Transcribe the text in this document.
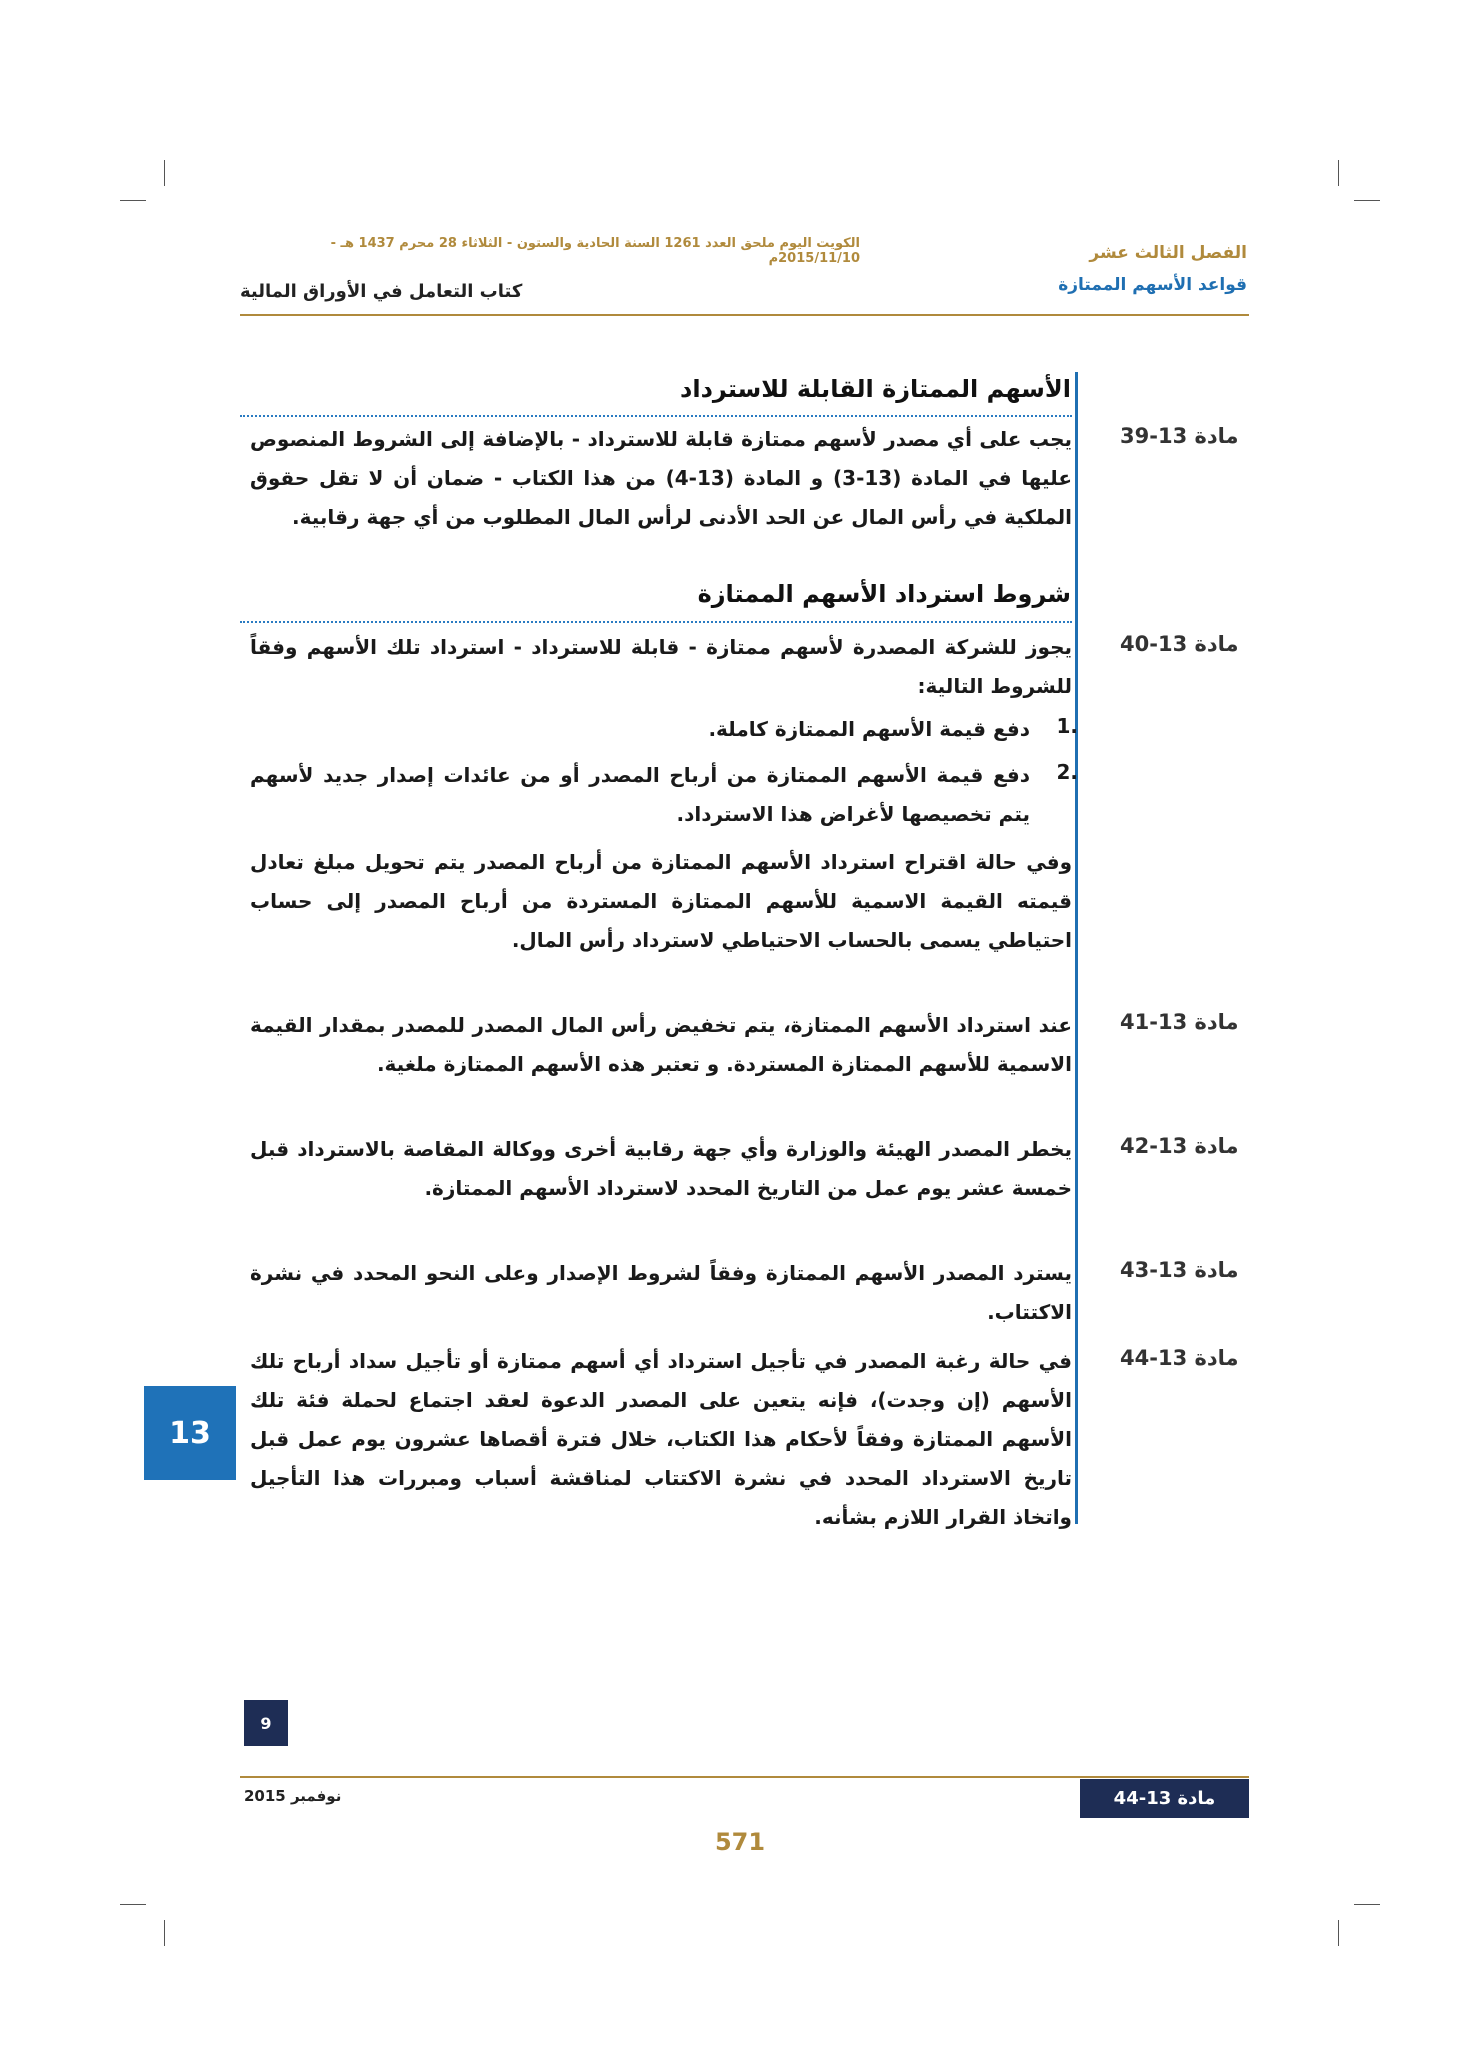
الكويت اليوم ملحق العدد 1261 السنة الحادية والستون - الثلاثاء 28 محرم 1437 هـ - 2015/11/10م	الفصل الثالث عشر
قواعد الأسهم الممتازة
كتاب التعامل في الأوراق المالية
الأسهم الممتازة القابلة للاسترداد
مادة 13-39
يجب على أي مصدر لأسهم ممتازة قابلة للاسترداد - بالإضافة إلى الشروط المنصوص عليها في المادة (13-3) و المادة (13-4) من هذا الكتاب - ضمان أن لا تقل حقوق الملكية في رأس المال عن الحد الأدنى لرأس المال المطلوب من أي جهة رقابية.
شروط استرداد الأسهم الممتازة
مادة 13-40
يجوز للشركة المصدرة لأسهم ممتازة - قابلة للاسترداد - استرداد تلك الأسهم وفقاً للشروط التالية:
1.
دفع قيمة الأسهم الممتازة كاملة.
2.
دفع قيمة الأسهم الممتازة من أرباح المصدر أو من عائدات إصدار جديد لأسهم يتم تخصيصها لأغراض هذا الاسترداد.
وفي حالة اقتراح استرداد الأسهم الممتازة من أرباح المصدر يتم تحويل مبلغ تعادل قيمته القيمة الاسمية للأسهم الممتازة المستردة من أرباح المصدر إلى حساب احتياطي يسمى بالحساب الاحتياطي لاسترداد رأس المال.
مادة 13-41
عند استرداد الأسهم الممتازة، يتم تخفيض رأس المال المصدر للمصدر بمقدار القيمة الاسمية للأسهم الممتازة المستردة. و تعتبر هذه الأسهم الممتازة ملغية.
مادة 13-42
يخطر المصدر الهيئة والوزارة وأي جهة رقابية أخرى ووكالة المقاصة بالاسترداد قبل خمسة عشر يوم عمل من التاريخ المحدد لاسترداد الأسهم الممتازة.
مادة 13-43
يسترد المصدر الأسهم الممتازة وفقاً لشروط الإصدار وعلى النحو المحدد في نشرة الاكتتاب.
مادة 13-44
في حالة رغبة المصدر في تأجيل استرداد أي أسهم ممتازة أو تأجيل سداد أرباح تلك الأسهم (إن وجدت)، فإنه يتعين على المصدر الدعوة لعقد اجتماع لحملة فئة تلك الأسهم الممتازة وفقاً لأحكام هذا الكتاب، خلال فترة أقصاها عشرون يوم عمل قبل تاريخ الاسترداد المحدد في نشرة الاكتتاب لمناقشة أسباب ومبررات هذا التأجيل واتخاذ القرار اللازم بشأنه.
13
9
نوفمبر 2015	مادة 13-44
571
